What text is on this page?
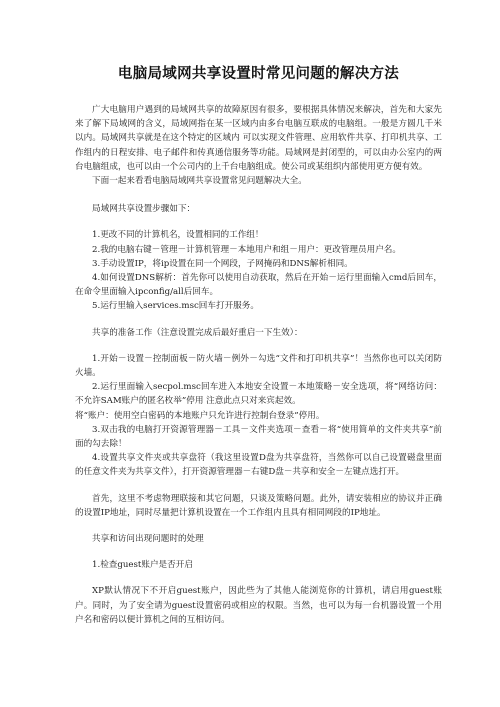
电脑局域网共享设置时常见问题的解决方法

广大电脑用户遇到的局域网共享的故障原因有很多，要根据具体情况来解决，首先和大家先来了解下局域网的含义，局域网指在某一区域内由多台电脑互联成的电脑组。一般是方圆几千米以内。局域网共享就是在这个特定的区域内 可以实现文件管理、应用软件共享、打印机共享、工作组内的日程安排、电子邮件和传真通信服务等功能。局域网是封闭型的，可以由办公室内的两台电脑组成，也可以由一个公司内的上千台电脑组成。使公司或某组织内部使用更方便有效。

下面一起来看看电脑局域网共享设置常见问题解决大全。

局域网共享设置步骤如下：

1.更改不同的计算机名，设置相同的工作组！

2.我的电脑右键－管理－计算机管理－本地用户和组－用户：更改管理员用户名。

3.手动设置IP，将ip设置在同一个网段，子网掩码和DNS解析相同。

4.如何设置DNS解析：首先你可以使用自动获取，然后在开始－运行里面输入cmd后回车，在命令里面输入ipconfig/all后回车。

5.运行里输入services.msc回车打开服务。

共享的准备工作（注意设置完成后最好重启一下生效）：

1.开始－设置－控制面板－防火墙－例外－勾选“文件和打印机共享”！当然你也可以关闭防火墙。

2.运行里面输入secpol.msc回车进入本地安全设置－本地策略－安全选项，将“网络访问：不允许SAM账户的匿名枚举”停用 注意此点只对来宾起效。

将“账户：使用空白密码的本地账户只允许进行控制台登录”停用。

3.双击我的电脑打开资源管理器－工具－文件夹选项－查看－将“使用简单的文件夹共享”前面的勾去除！

4.设置共享文件夹或共享盘符（我这里设置D盘为共享盘符，当然你可以自己设置磁盘里面的任意文件夹为共享文件），打开资源管理器－右键D盘－共享和安全－左键点选打开。

首先，这里不考虑物理联接和其它问题，只谈及策略问题。此外，请安装相应的协议并正确的设置IP地址，同时尽量把计算机设置在一个工作组内且具有相同网段的IP地址。

共享和访问出现问题时的处理

1.检查guest账户是否开启

XP默认情况下不开启guest账户，因此些为了其他人能浏览你的计算机，请启用guest账户。同时，为了安全请为guest设置密码或相应的权限。当然，也可以为每一台机器设置一个用户名和密码以便计算机之间的互相访问。
